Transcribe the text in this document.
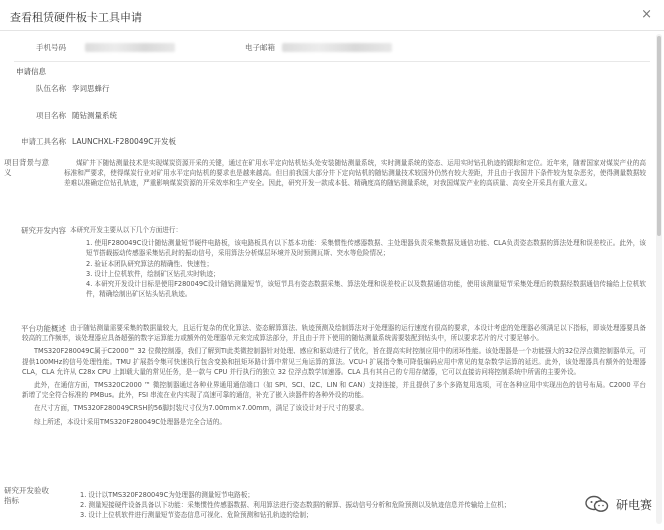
查看租赁硬件板卡工具申请	×
手机号码	电子邮箱
申请信息
队伍名称 孪词思蜂行
项目名称 随钻测量系统
申请工具名称 LAUNCHXL-F280049C开发板
项目背景与意义

煤矿井下随钻测量技术是实现煤炭资源开采的关键，通过在矿用水平定向钻机钻头处安装随钻测量系统，实时测量系统的姿态、运用实时钻孔轨迹的跟踪和定位。近年来，随着国家对煤炭产业的高标准和严要求，使得煤炭行业对矿用水平定向钻机的要求也是越来越高。但目前我国大部分井下定向钻机的随钻测量技术较国外仍然有较大差距，并且由于我国井下条件较为复杂恶劣，使得测量数据较差难以准确定位钻孔轨迹，严重影响煤炭资源的开采效率和生产安全。因此，研究开发一款成本低、精确度高的随钻测量系统，对我国煤炭产业的高质量、高安全开采具有重大意义。

研究开发内容 本研究开发主要从以下几个方面进行：

1. 使用F280049C设计随钻测量短节硬件电路板，该电路板具有以下基本功能：采集惯性传感器数据、主处理器负责采集数据及通信功能、CLA负责姿态数据的算法处理和误差校正。此外，该短节搭载振动传感器采集钻孔时的振动信号，采用算法分析煤层环境并及时预测瓦斯、突水等危险情况；
2. 验证本团队研究算法的精确性、快速性；
3. 设计上位机软件，绘制矿区钻孔实时轨迹；
4. 本研究开发设计目标是使用F280049C设计随钻测量短节，该短节具有姿态数据采集、算法处理和误差校正以及数据通信功能，使用该测量短节采集处理后的数据经数据通信传输给上位机软件，精确绘制出矿区钻头钻孔轨迹。
平台功能概述 由于随钻测量需要采集的数据量较大，且运行复杂的优化算法、姿态解算算法、轨迹预测及绘制算法对于处理器的运行速度有很高的要求，本设计考虑的处理器必须满足以下指标，即该处理器要具备较高的工作频率，该处理器应具备超强的数字运算能力或额外的处理器单元来完成算法部分，并且由于井下使用的随钻测量系统需要装配到钻头中，所以要求芯片的尺寸要足够小。

TMS320F280049C属于C2000™ 32 位微控制器，我们了解到TI此类微控制器针对处理、感应和驱动进行了优化，旨在提高实时控制应用中的闭环性能。该处理器是一个功能强大的32位浮点微控制器单元，可提供100MHz的信号处理性能。TMU 扩展指令集可快速执行包含变换和扭矩环路计算中常见三角运算的算法。VCU-I 扩展指令集可降低编码应用中常见的复杂数学运算的延迟。此外，该处理器具有额外的处理器CLA，CLA 允许从 C28x CPU 上卸载大量的常见任务，是一款与 CPU 并行执行的独立 32 位浮点数学加速器。CLA 具有其自己的专用存储器，它可以直接访问将控制系统中所需的主要外设。

此外，在通信方面，TMS320C2000 ™ 微控制器通过各种业界通用通信端口（如 SPI、SCI、I2C、LIN 和 CAN）支持连接，并且提供了多个多路复用选项，可在各种应用中实现出色的信号布局。C2000 平台新增了完全符合标准的 PMBus。此外，FSI 串流在业内实现了高速可靠的通信，补充了嵌入读器件的各种外设的功能。

在尺寸方面，TMS320F280049CRSH的56脚封装尺寸仅为7.00mm×7.00mm，满足了该设计对于尺寸的要求。

综上所述，本设计采用TMS320F280049C处理器是完全合适的。

研究开发验收指标
1. 设计以TMS320F280049C为处理器的测量短节电路板；
2. 测量短接硬件设备具备以下功能：采集惯性传感器数据、利用算法进行姿态数据的解算、振动信号分析和危险预测以及轨迹信息并传输给上位机；
3. 设计上位机软件进行测量短节姿态信息可视化、危险预测和钻孔轨迹的绘制；
研电赛
